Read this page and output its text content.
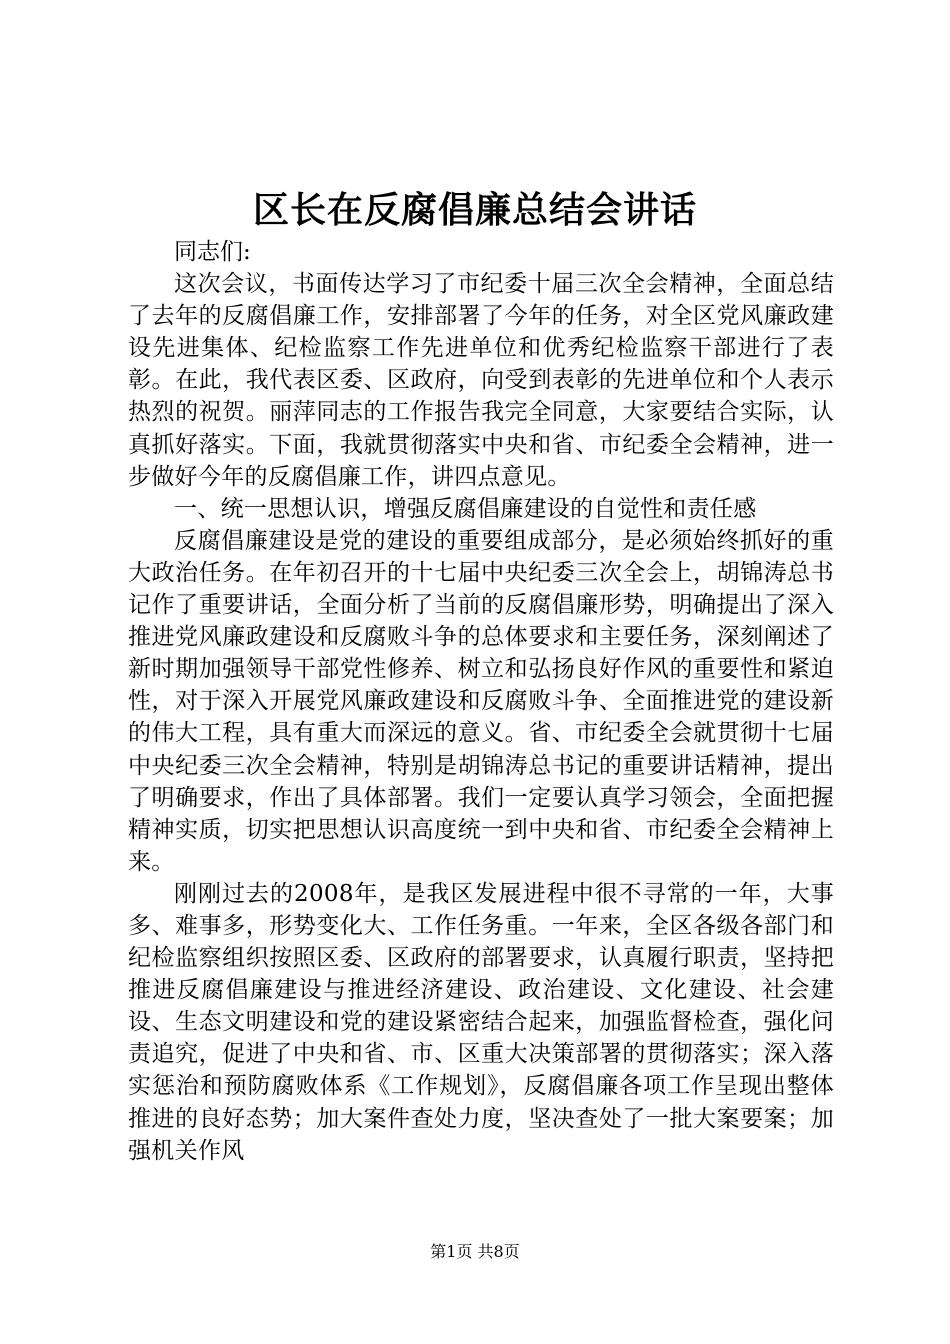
区长在反腐倡廉总结会讲话

同志们:

这次会议，书面传达学习了市纪委十届三次全会精神，全面总结了去年的反腐倡廉工作，安排部署了今年的任务，对全区党风廉政建设先进集体、纪检监察工作先进单位和优秀纪检监察干部进行了表彰。在此，我代表区委、区政府，向受到表彰的先进单位和个人表示热烈的祝贺。丽萍同志的工作报告我完全同意，大家要结合实际，认真抓好落实。下面，我就贯彻落实中央和省、市纪委全会精神，进一步做好今年的反腐倡廉工作，讲四点意见。

一、统一思想认识，增强反腐倡廉建设的自觉性和责任感

反腐倡廉建设是党的建设的重要组成部分，是必须始终抓好的重大政治任务。在年初召开的十七届中央纪委三次全会上，胡锦涛总书记作了重要讲话，全面分析了当前的反腐倡廉形势，明确提出了深入推进党风廉政建设和反腐败斗争的总体要求和主要任务，深刻阐述了新时期加强领导干部党性修养、树立和弘扬良好作风的重要性和紧迫性，对于深入开展党风廉政建设和反腐败斗争、全面推进党的建设新的伟大工程，具有重大而深远的意义。省、市纪委全会就贯彻十七届中央纪委三次全会精神，特别是胡锦涛总书记的重要讲话精神，提出了明确要求，作出了具体部署。我们一定要认真学习领会，全面把握精神实质，切实把思想认识高度统一到中央和省、市纪委全会精神上来。

刚刚过去的2008年，是我区发展进程中很不寻常的一年，大事多、难事多，形势变化大、工作任务重。一年来，全区各级各部门和纪检监察组织按照区委、区政府的部署要求，认真履行职责，坚持把推进反腐倡廉建设与推进经济建设、政治建设、文化建设、社会建设、生态文明建设和党的建设紧密结合起来，加强监督检查，强化问责追究，促进了中央和省、市、区重大决策部署的贯彻落实；深入落实惩治和预防腐败体系《工作规划》，反腐倡廉各项工作呈现出整体推进的良好态势；加大案件查处力度，坚决查处了一批大案要案；加强机关作风

第1页 共8页
